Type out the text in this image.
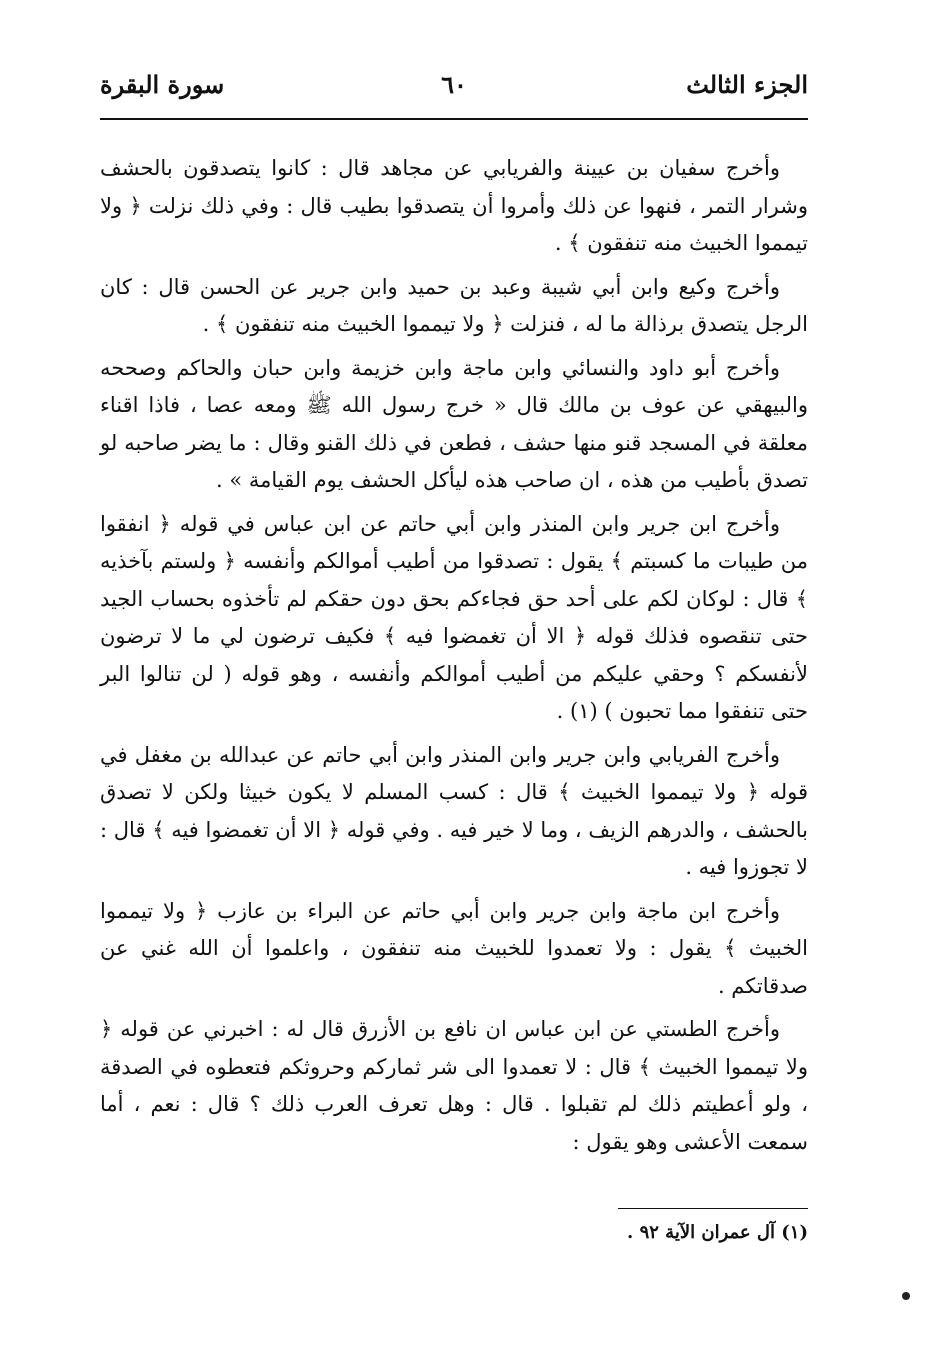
الجزء الثالث
٦٠
سورة البقرة

وأخرج سفيان بن عيينة والفريابي عن مجاهد قال : كانوا يتصدقون بالحشف وشرار التمر ، فنهوا عن ذلك وأمروا أن يتصدقوا بطيب قال : وفي ذلك نزلت ﴿ ولا تيمموا الخبيث منه تنفقون ﴾ .

وأخرج وكيع وابن أبي شيبة وعبد بن حميد وابن جرير عن الحسن قال : كان الرجل يتصدق برذالة ما له ، فنزلت ﴿ ولا تيمموا الخبيث منه تنفقون ﴾ .

وأخرج أبو داود والنسائي وابن ماجة وابن خزيمة وابن حبان والحاكم وصححه والبيهقي عن عوف بن مالك قال « خرج رسول الله ﷺ ومعه عصا ، فاذا اقناء معلقة في المسجد قنو منها حشف ، فطعن في ذلك القنو وقال : ما يضر صاحبه لو تصدق بأطيب من هذه ، ان صاحب هذه ليأكل الحشف يوم القيامة » .

وأخرج ابن جرير وابن المنذر وابن أبي حاتم عن ابن عباس في قوله ﴿ انفقوا من طيبات ما كسبتم ﴾ يقول : تصدقوا من أطيب أموالكم وأنفسه ﴿ ولستم بآخذيه ﴾ قال : لوكان لكم على أحد حق فجاءكم بحق دون حقكم لم تأخذوه بحساب الجيد حتى تنقصوه فذلك قوله ﴿ الا أن تغمضوا فيه ﴾ فكيف ترضون لي ما لا ترضون لأنفسكم ؟ وحقي عليكم من أطيب أموالكم وأنفسه ، وهو قوله ( لن تنالوا البر حتى تنفقوا مما تحبون ) (١) .

وأخرج الفريابي وابن جرير وابن المنذر وابن أبي حاتم عن عبدالله بن مغفل في قوله ﴿ ولا تيمموا الخبيث ﴾ قال : كسب المسلم لا يكون خبيثا ولكن لا تصدق بالحشف ، والدرهم الزيف ، وما لا خير فيه . وفي قوله ﴿ الا أن تغمضوا فيه ﴾ قال : لا تجوزوا فيه .

وأخرج ابن ماجة وابن جرير وابن أبي حاتم عن البراء بن عازب ﴿ ولا تيمموا الخبيث ﴾ يقول : ولا تعمدوا للخبيث منه تنفقون ، واعلموا أن الله غني عن صدقاتكم .

وأخرج الطستي عن ابن عباس ان نافع بن الأزرق قال له : اخبرني عن قوله ﴿ ولا تيمموا الخبيث ﴾ قال : لا تعمدوا الى شر ثماركم وحروثكم فتعطوه في الصدقة ، ولو أعطيتم ذلك لم تقبلوا . قال : وهل تعرف العرب ذلك ؟ قال : نعم ، أما سمعت الأعشى وهو يقول :

(١) آل عمران الآية ٩٢ .
